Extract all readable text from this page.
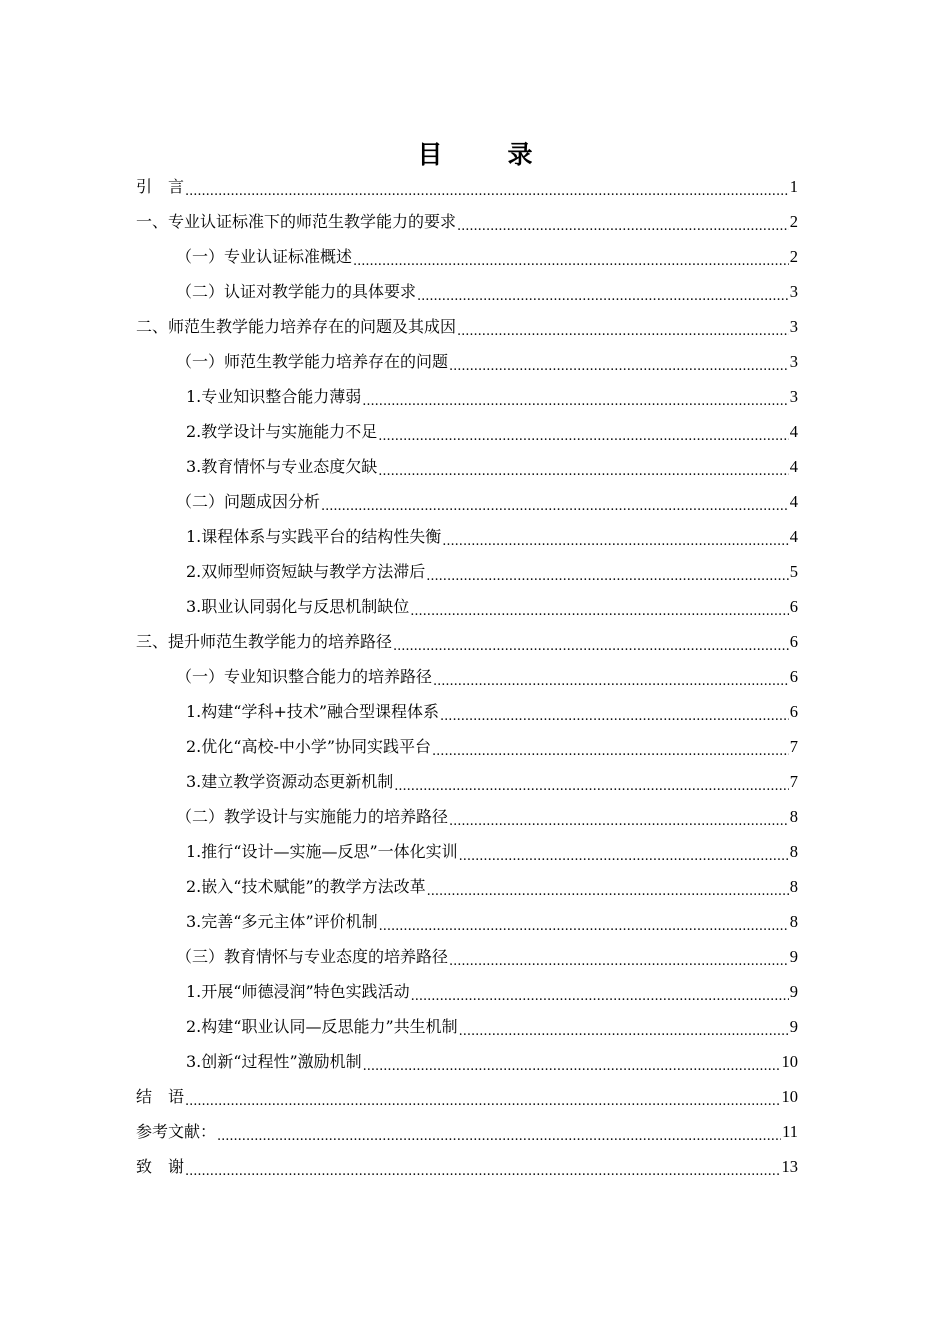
目　录
引　言 .....	1
一、专业认证标准下的师范生教学能力的要求 .....	2
（一）专业认证标准概述 .....	2
（二）认证对教学能力的具体要求 .....	3
二、师范生教学能力培养存在的问题及其成因 .....	3
（一）师范生教学能力培养存在的问题 .....	3
1.专业知识整合能力薄弱 .....	3
2.教学设计与实施能力不足 .....	4
3.教育情怀与专业态度欠缺 .....	4
（二）问题成因分析 .....	4
1.课程体系与实践平台的结构性失衡 .....	4
2.双师型师资短缺与教学方法滞后 .....	5
3.职业认同弱化与反思机制缺位 .....	6
三、提升师范生教学能力的培养路径 .....	6
（一）专业知识整合能力的培养路径 .....	6
1.构建“学科+技术”融合型课程体系 .....	6
2.优化“高校-中小学”协同实践平台 .....	7
3.建立教学资源动态更新机制 .....	7
（二）教学设计与实施能力的培养路径 .....	8
1.推行“设计—实施—反思”一体化实训 .....	8
2.嵌入“技术赋能”的教学方法改革 .....	8
3.完善“多元主体”评价机制 .....	8
（三）教育情怀与专业态度的培养路径 .....	9
1.开展“师德浸润”特色实践活动 .....	9
2.构建“职业认同—反思能力”共生机制 .....	9
3.创新“过程性”激励机制 .....	10
结　语 .....	10
参考文献： .....	11
致　谢 .....	13
